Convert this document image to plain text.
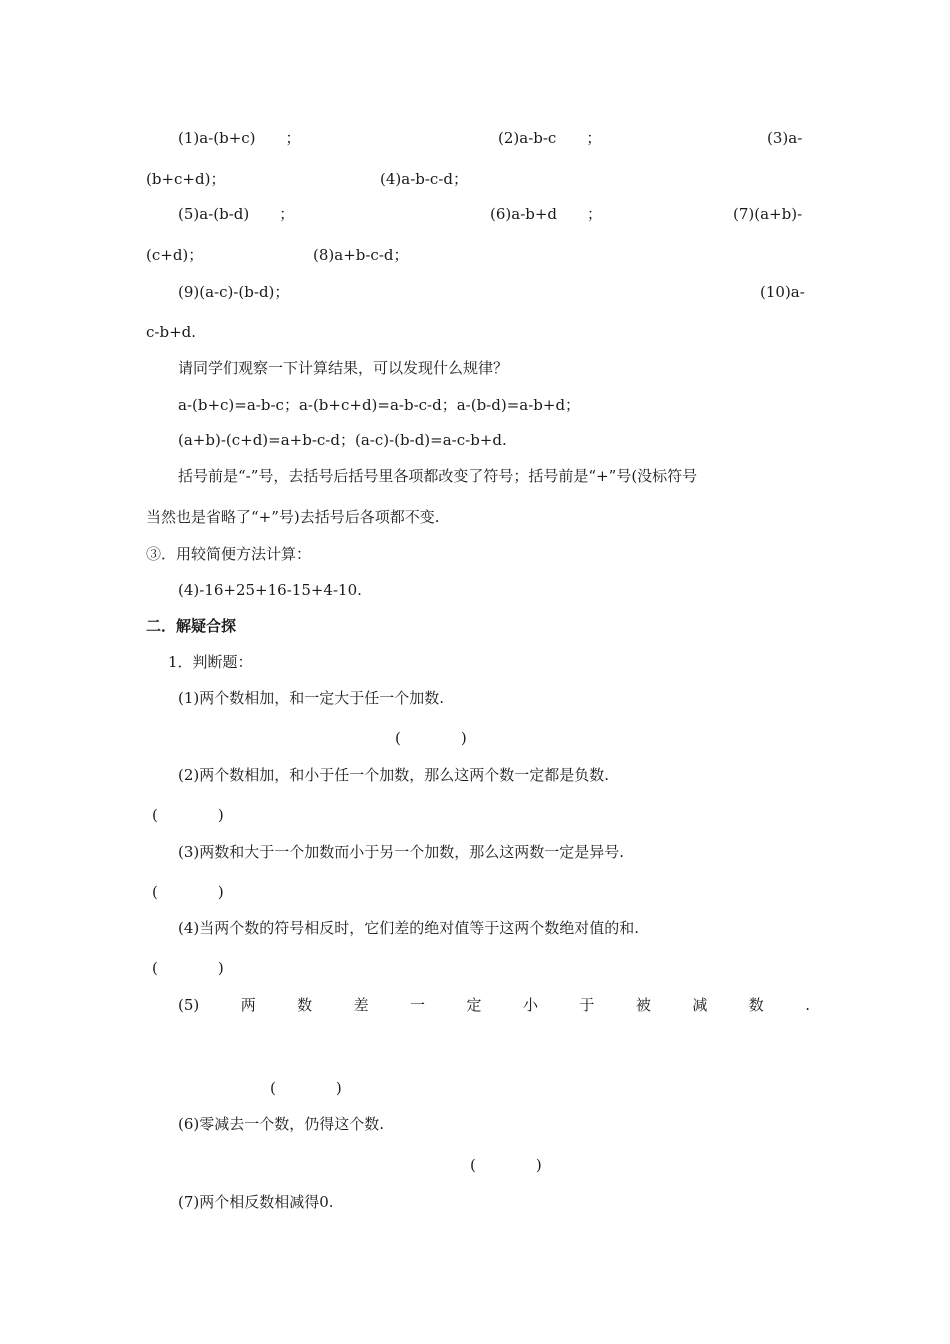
(1)a-(b+c)　　；	(2)a-b-c　　；	(3)a-
(b+c+d)；	(4)a-b-c-d；
(5)a-(b-d)　　；	(6)a-b+d　　；	(7)(a+b)-
(c+d)；	(8)a+b-c-d；
(9)(a-c)-(b-d)；	(10)a-
c-b+d.
请同学们观察一下计算结果，可以发现什么规律？
a-(b+c)=a-b-c；a-(b+c+d)=a-b-c-d；a-(b-d)=a-b+d；
(a+b)-(c+d)=a+b-c-d；(a-c)-(b-d)=a-c-b+d.
括号前是“-”号，去括号后括号里各项都改变了符号；括号前是“+”号(没标符号
当然也是省略了“+”号)去括号后各项都不变.
③．用较简便方法计算：
(4)-16+25+16-15+4-10.
二．解疑合探
1．判断题：
(1)两个数相加，和一定大于任一个加数.
(　　　　)
(2)两个数相加，和小于任一个加数，那么这两个数一定都是负数.
(　　　　)
(3)两数和大于一个加数而小于另一个加数，那么这两数一定是异号.
(　　　　)
(4)当两个数的符号相反时，它们差的绝对值等于这两个数绝对值的和.
(　　　　)
(5)	两	数	差	一	定	小	于	被	减	数	.
(　　　　)
(6)零减去一个数，仍得这个数.
(　　　　)
(7)两个相反数相减得0.
